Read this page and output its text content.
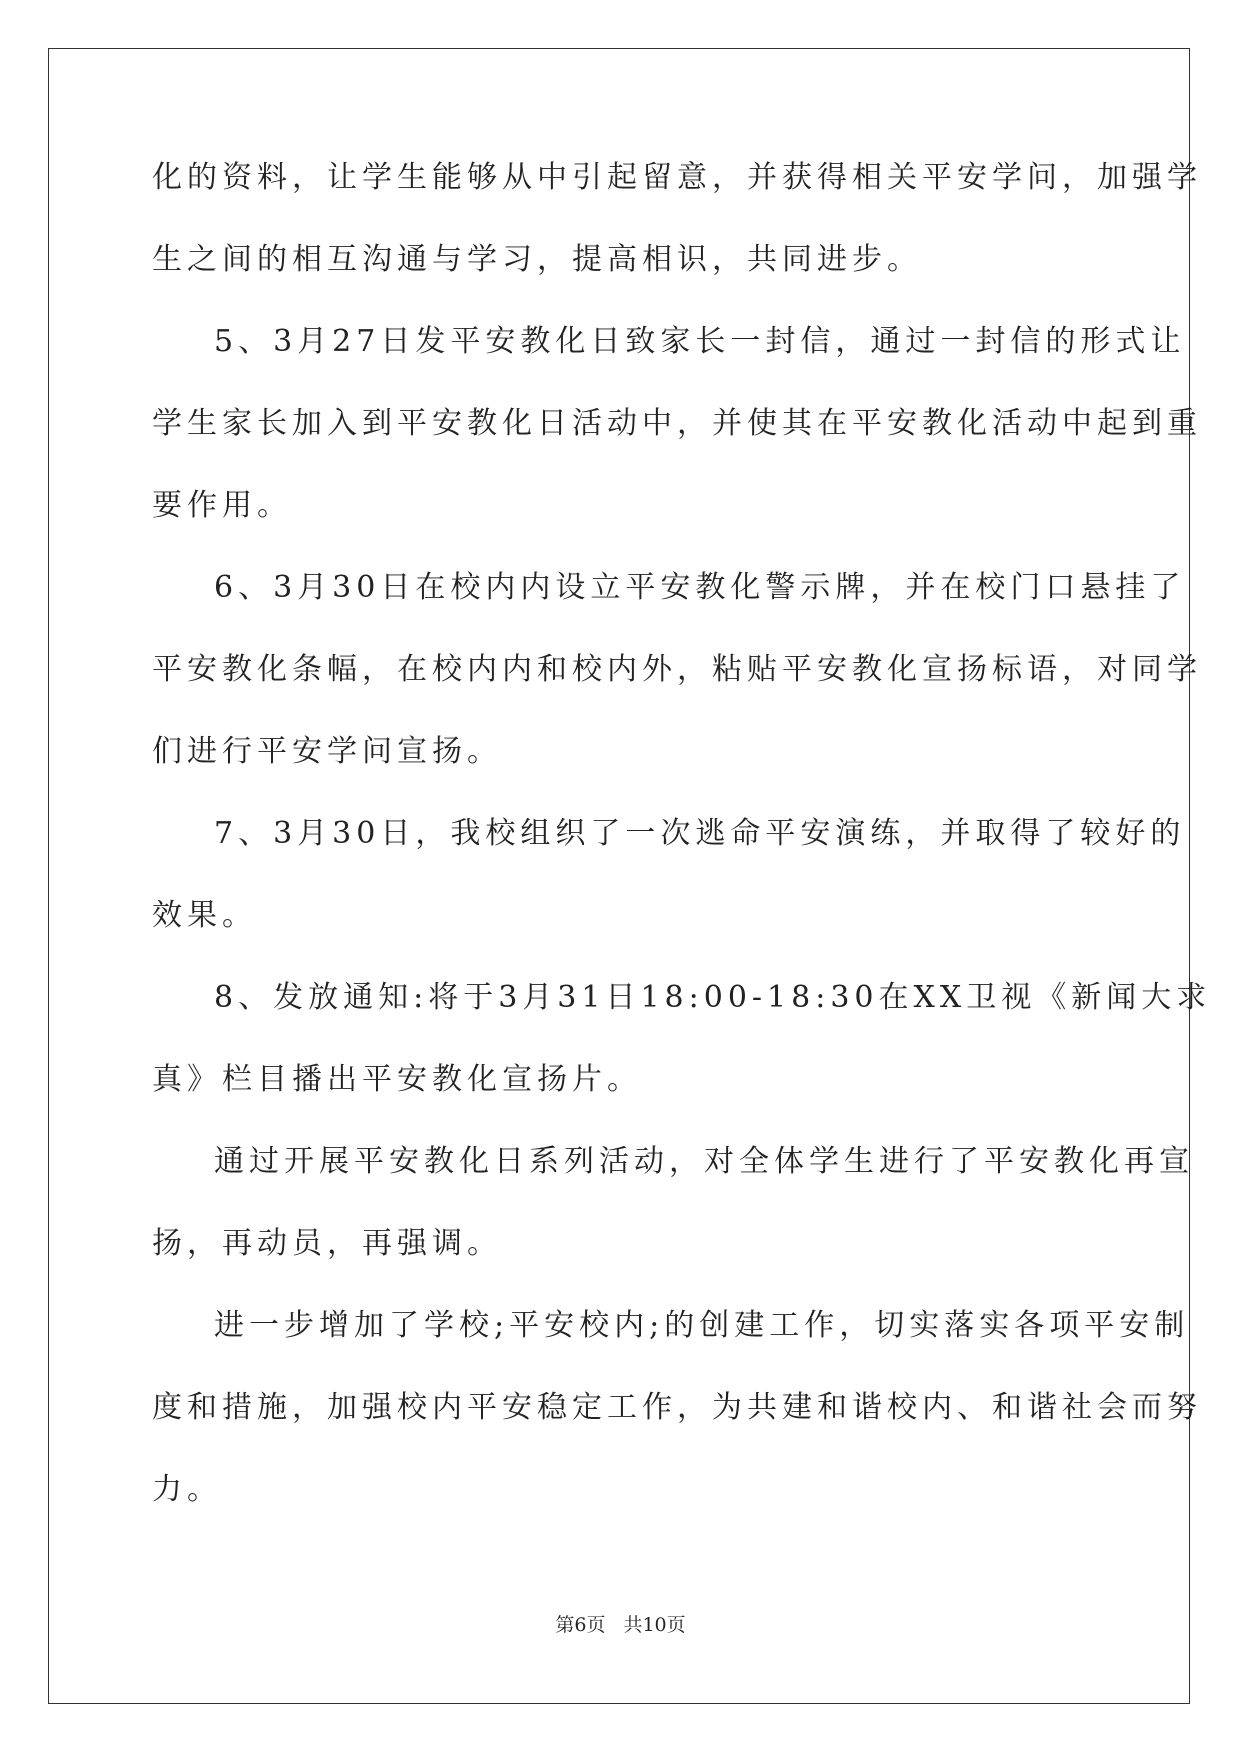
化的资料，让学生能够从中引起留意，并获得相关平安学问，加强学
生之间的相互沟通与学习，提高相识，共同进步。
5、3月27日发平安教化日致家长一封信，通过一封信的形式让
学生家长加入到平安教化日活动中，并使其在平安教化活动中起到重
要作用。
6、3月30日在校内内设立平安教化警示牌，并在校门口悬挂了
平安教化条幅，在校内内和校内外，粘贴平安教化宣扬标语，对同学
们进行平安学问宣扬。
7、3月30日，我校组织了一次逃命平安演练，并取得了较好的
效果。
8、发放通知:将于3月31日18:00-18:30在XX卫视《新闻大求
真》栏目播出平安教化宣扬片。
通过开展平安教化日系列活动，对全体学生进行了平安教化再宣
扬，再动员，再强调。
进一步增加了学校;平安校内;的创建工作，切实落实各项平安制
度和措施，加强校内平安稳定工作，为共建和谐校内、和谐社会而努
力。
第6页 共10页
